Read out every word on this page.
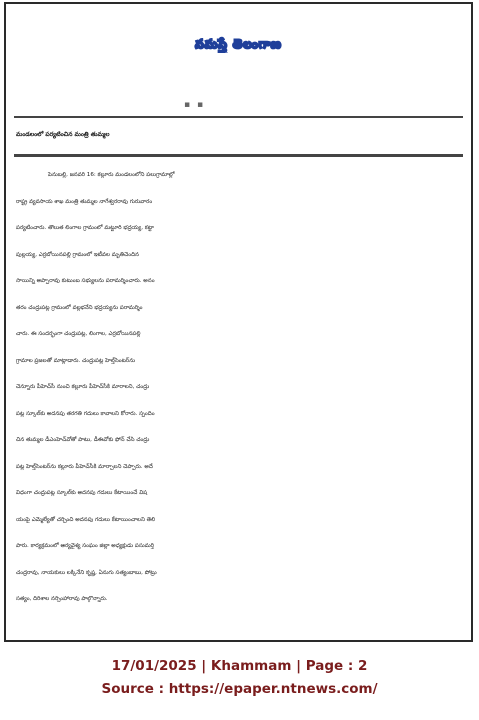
నమస్తే తెలంగాణ
▪ ▪
మండలంలో పర్యటించిన మంత్రి తుమ్మల
పెనుబల్లి, జనవరి 16: కల్లూరు మండలంలోని పలుగ్రామాల్లో
రాష్ట్ర వ్యవసాయ శాఖ మంత్రి తుమ్మల నాగేశ్వరరావు గురువారం
పర్యటించారు. తొలుత లింగాల గ్రామంలో మట్టూరి భద్రయ్య, కట్టా
పుల్లయ్య, ఎర్రబోయినపల్లి గ్రామంలో ఇటీవల మృతిచెందిన
సాయిన్ని అప్పారావు కుటుంబ సభ్యులను పరామర్శించారు. అనం
తరం చంద్రుపట్ల గ్రామంలో వల్లభనేని భద్రయ్యను పరామర్శిం
చారు. ఈ సందర్భంగా చంద్రుపట్ల, లింగాల, ఎర్రబోయినపల్లి
గ్రామాల ప్రజలతో మాట్లాడారు. చంద్రుపట్ల హెల్త్‌సెంటర్‌ను
చెన్నూరు పీహెచ్‌సీ నుంచి కల్లూరు పీహెచ్‌సీకి మారాలని, చంద్రు
పట్ల స్కూల్‌కు అదనపు తరగతి గదులు కావాలని కోరారు. స్పందిం
చిన తుమ్మల డీఎంహెచ్‌వోతో పాటు, డీఈవోకు ఫోన్ చేసి చంద్రు
పట్ల హెల్త్‌సెంటర్‌ను కల్లూరు పీహెచ్‌సీకి మార్చాలని చెప్పారు. అదే
విధంగా చంద్రుపట్ల స్కూల్‌కు అదనపు గదులు కేటాయించే విష
యంపై ఎమ్మెల్యేతో చర్చించి అదనపు గదులు కేటాయించాలని తెలి
పారు. కార్యక్రమంలో ఆర్యవైశ్య సంఘం జిల్లా అధ్యక్షుడు పసుమర్తి
చంద్రరావు, నాయకులు లక్కినేని కృష్ణ, ఏనుగు సత్యంబాబు, పోట్రు
సత్యం, దిరిశాల నర్సింహారావు పాల్గొన్నారు.
17/01/2025 | Khammam | Page : 2
Source : https://epaper.ntnews.com/
